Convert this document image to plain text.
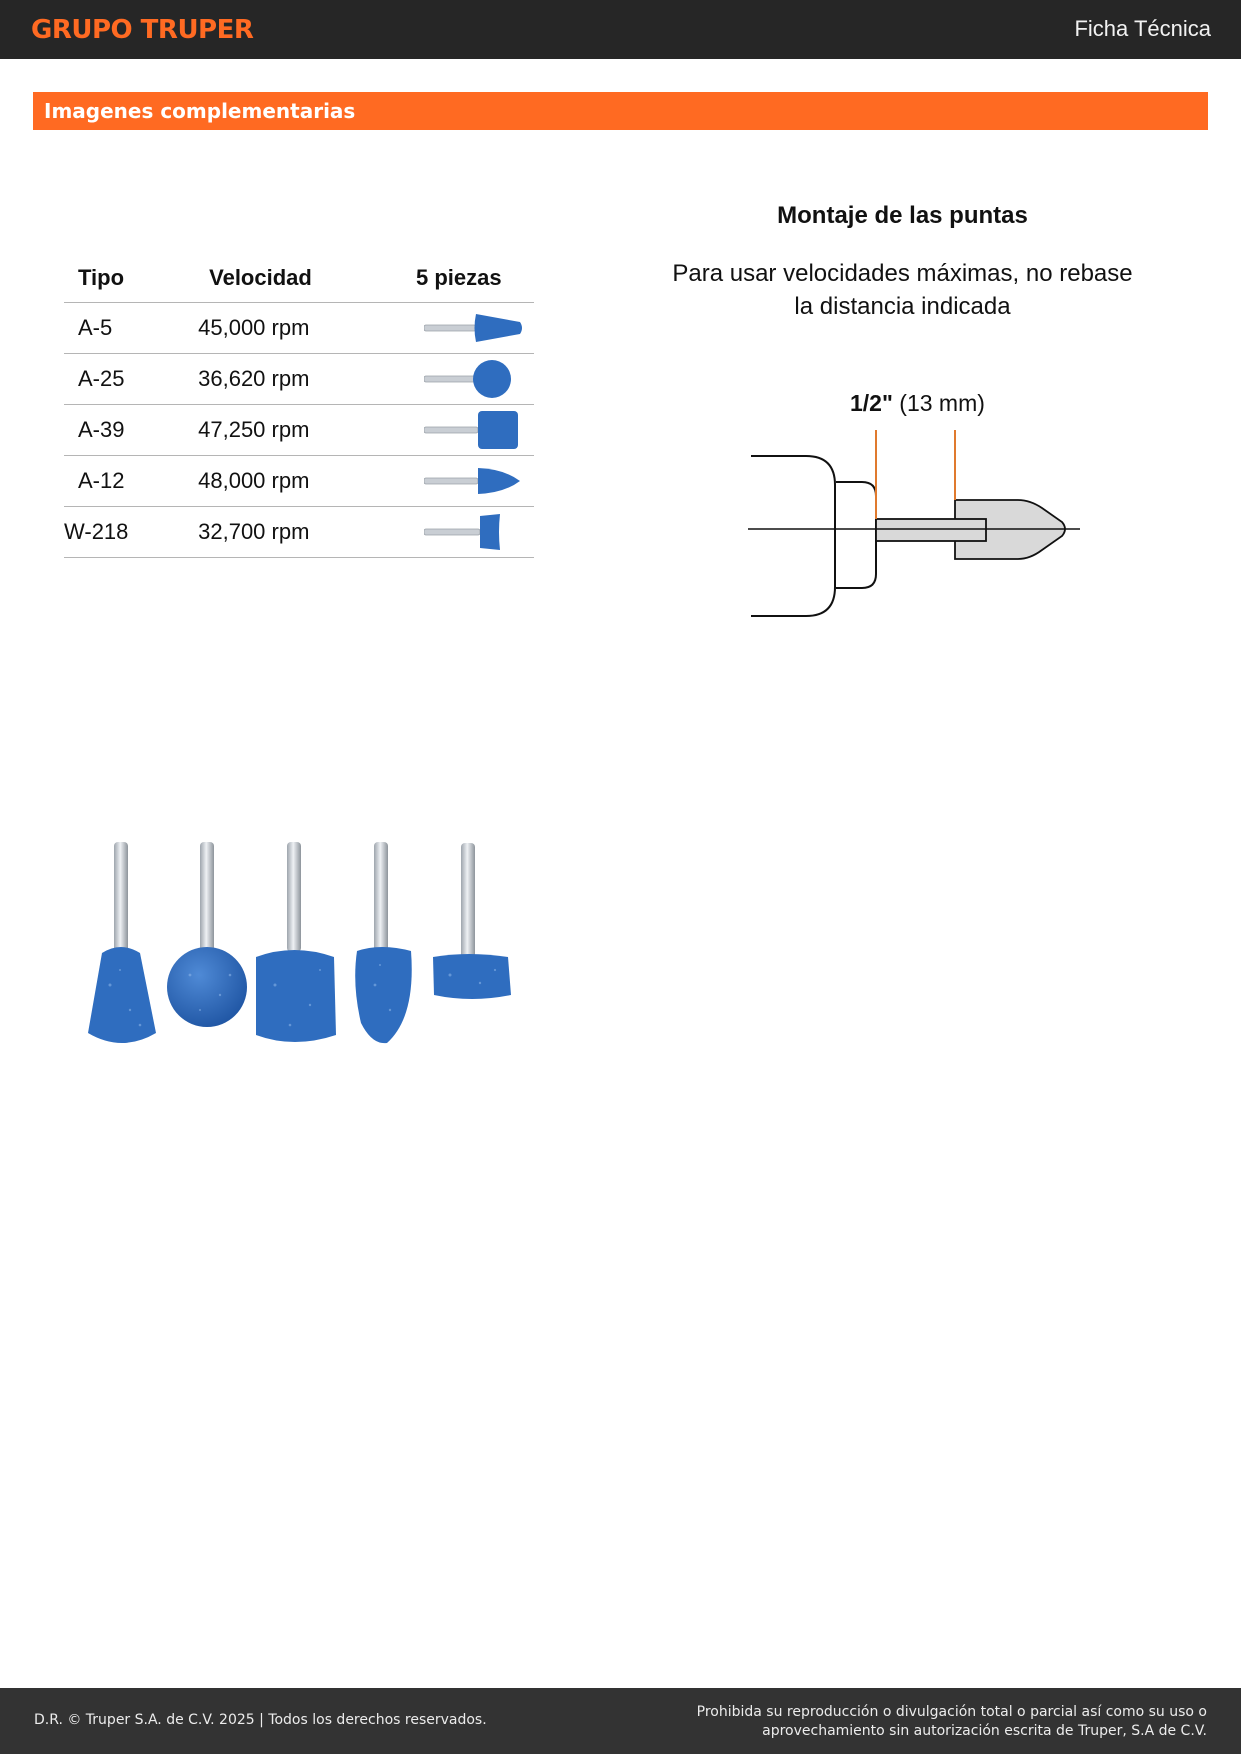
GRUPO TRUPER	Ficha Técnica
Imagenes complementarias
Tipo	Velocidad	5 piezas

A-5	45,000 rpm	

A-25	36,620 rpm	

A-39	47,250 rpm	

A-12	48,000 rpm	

W-218	32,700 rpm	
Montaje de las puntas
Para usar velocidades máximas, no rebase
la distancia indicada
1/2" (13 mm)
D.R. © Truper S.A. de C.V. 2025 | Todos los derechos reservados.	Prohibida su reproducción o divulgación total o parcial así como su uso o
aprovechamiento sin autorización escrita de Truper, S.A de C.V.
